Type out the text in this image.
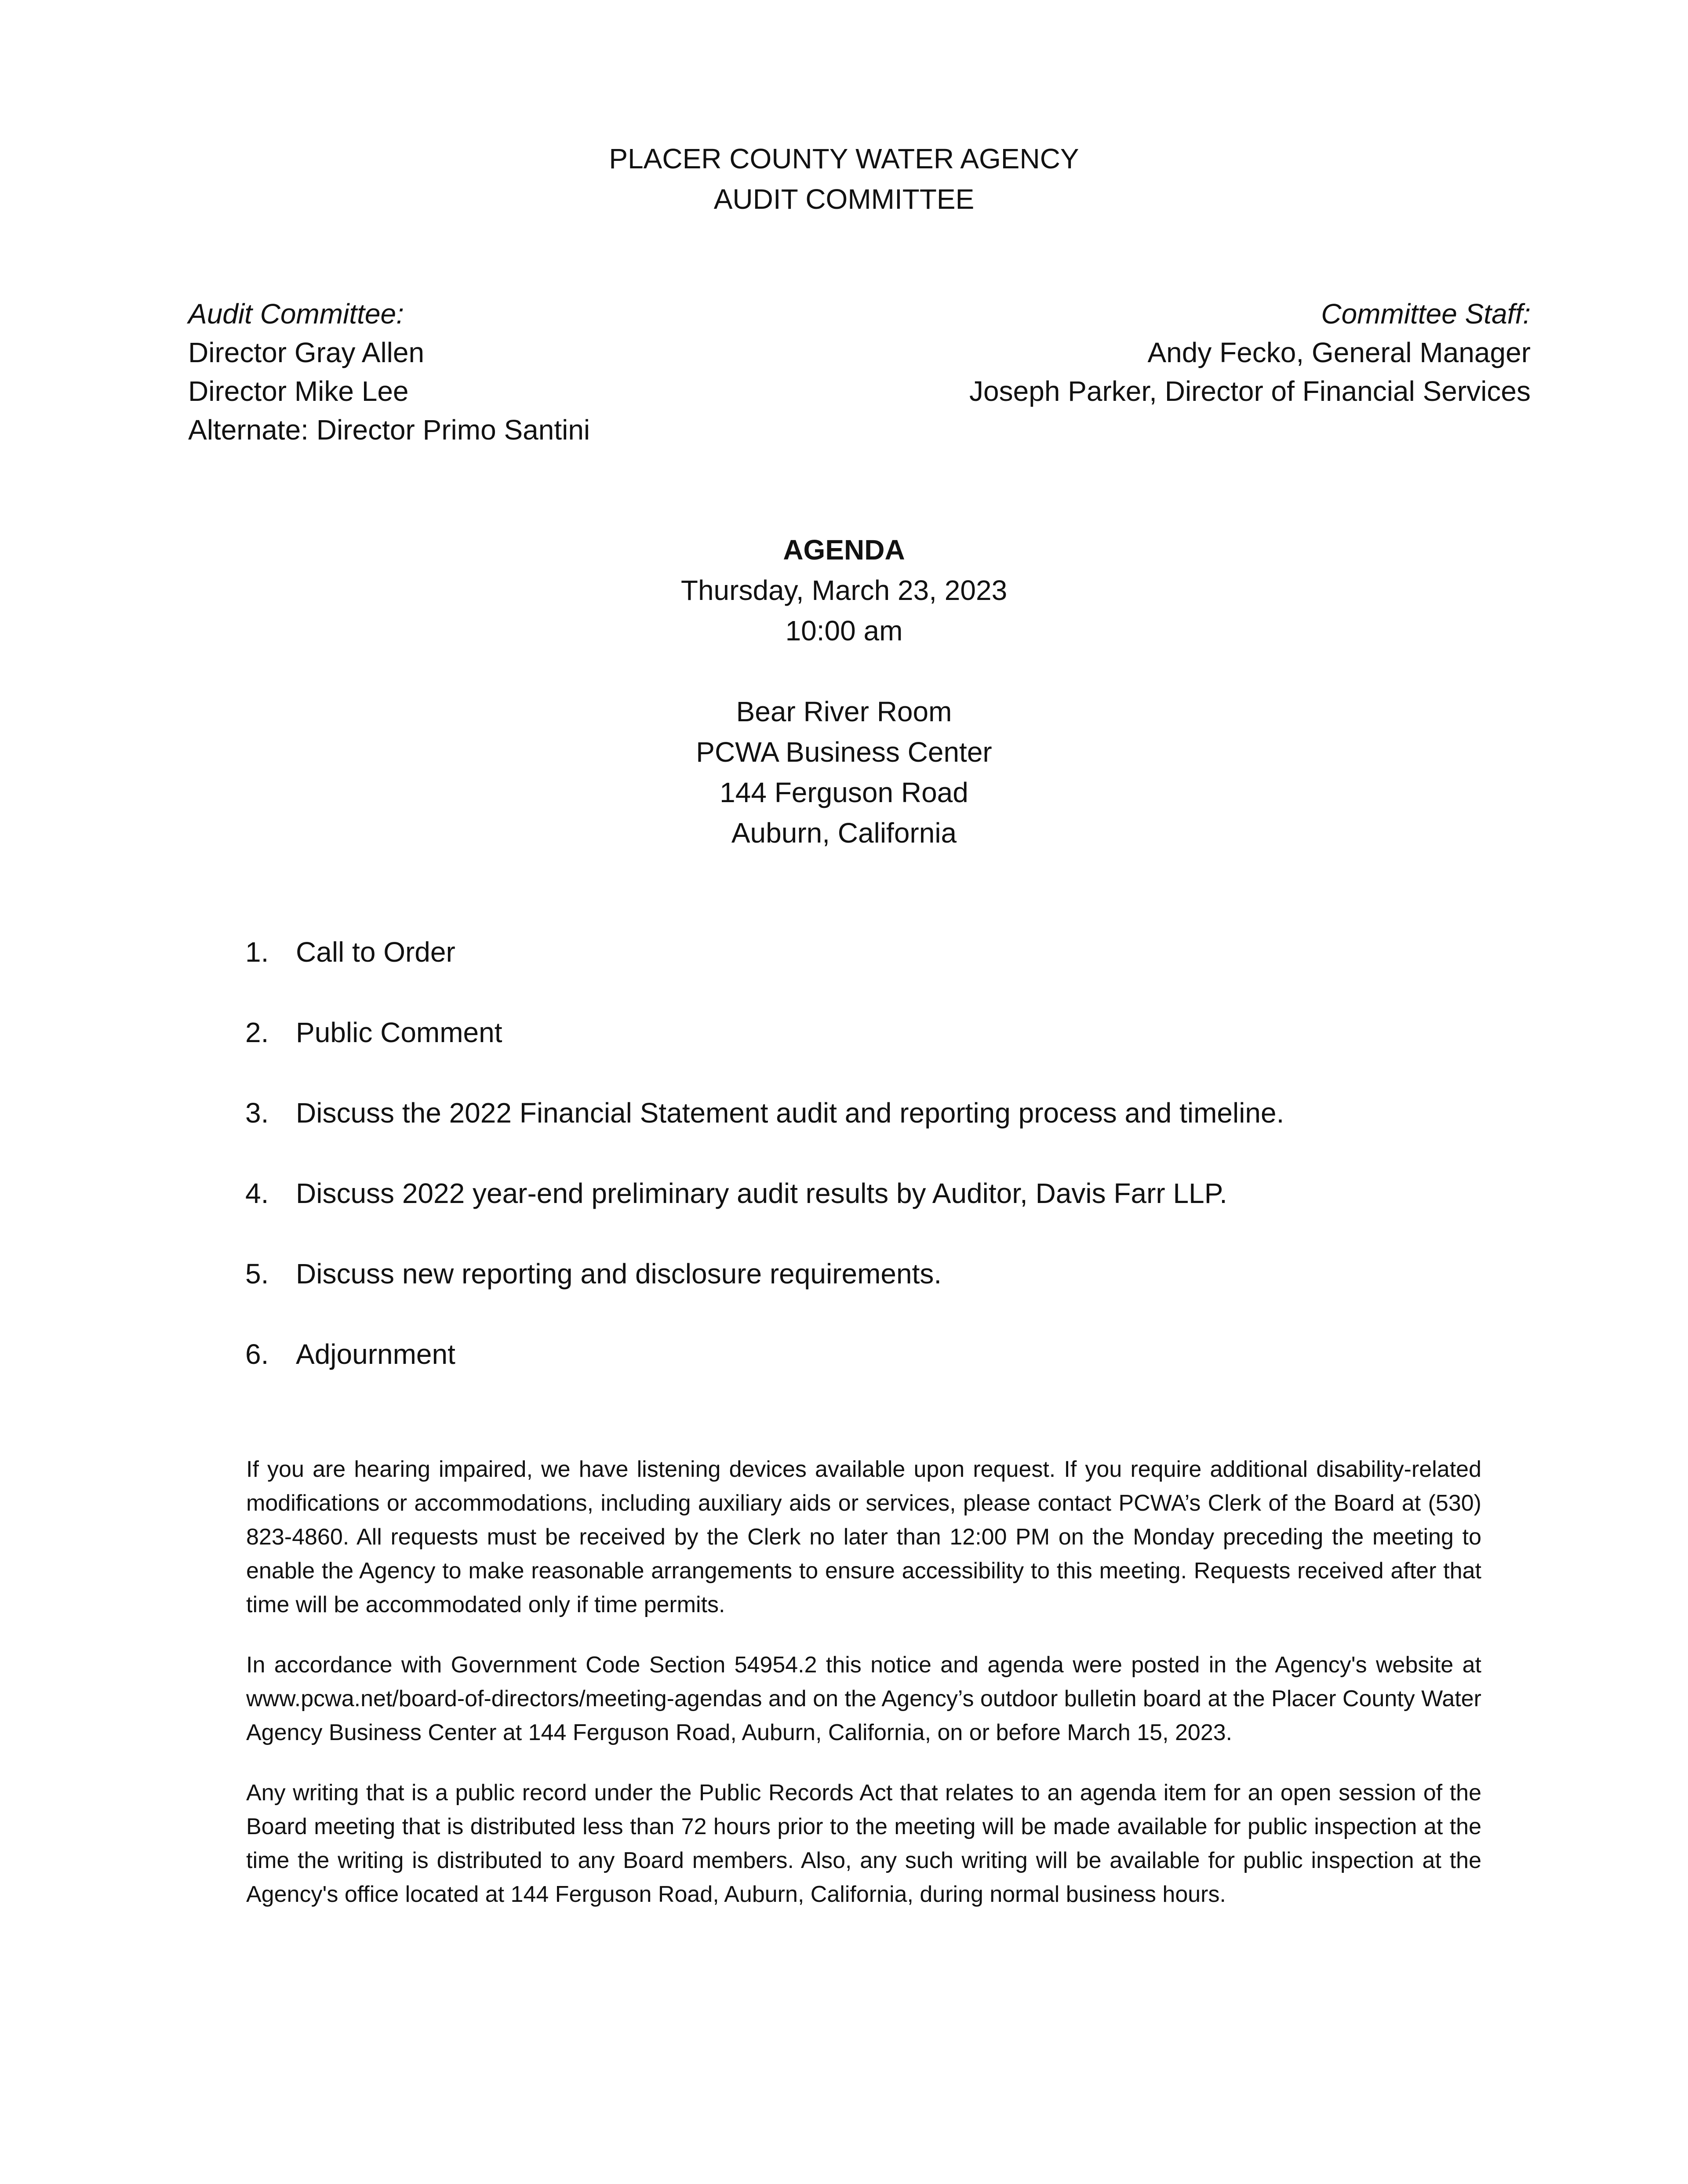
PLACER COUNTY WATER AGENCY
AUDIT COMMITTEE
Audit Committee:
Director Gray Allen
Director Mike Lee
Alternate: Director Primo Santini
Committee Staff:
Andy Fecko, General Manager
Joseph Parker, Director of Financial Services
AGENDA
Thursday, March 23, 2023
10:00 am
Bear River Room
PCWA Business Center
144 Ferguson Road
Auburn, California
1. Call to Order
2. Public Comment
3. Discuss the 2022 Financial Statement audit and reporting process and timeline.
4. Discuss 2022 year-end preliminary audit results by Auditor, Davis Farr LLP.
5. Discuss new reporting and disclosure requirements.
6. Adjournment

If you are hearing impaired, we have listening devices available upon request. If you require additional disability-related modifications or accommodations, including auxiliary aids or services, please contact PCWA’s Clerk of the Board at (530) 823-4860. All requests must be received by the Clerk no later than 12:00 PM on the Monday preceding the meeting to enable the Agency to make reasonable arrangements to ensure accessibility to this meeting. Requests received after that time will be accommodated only if time permits.

In accordance with Government Code Section 54954.2 this notice and agenda were posted in the Agency's website at www.pcwa.net/board-of-directors/meeting-agendas and on the Agency’s outdoor bulletin board at the Placer County Water Agency Business Center at 144 Ferguson Road, Auburn, California, on or before March 15, 2023.

Any writing that is a public record under the Public Records Act that relates to an agenda item for an open session of the Board meeting that is distributed less than 72 hours prior to the meeting will be made available for public inspection at the time the writing is distributed to any Board members. Also, any such writing will be available for public inspection at the Agency's office located at 144 Ferguson Road, Auburn, California, during normal business hours.
